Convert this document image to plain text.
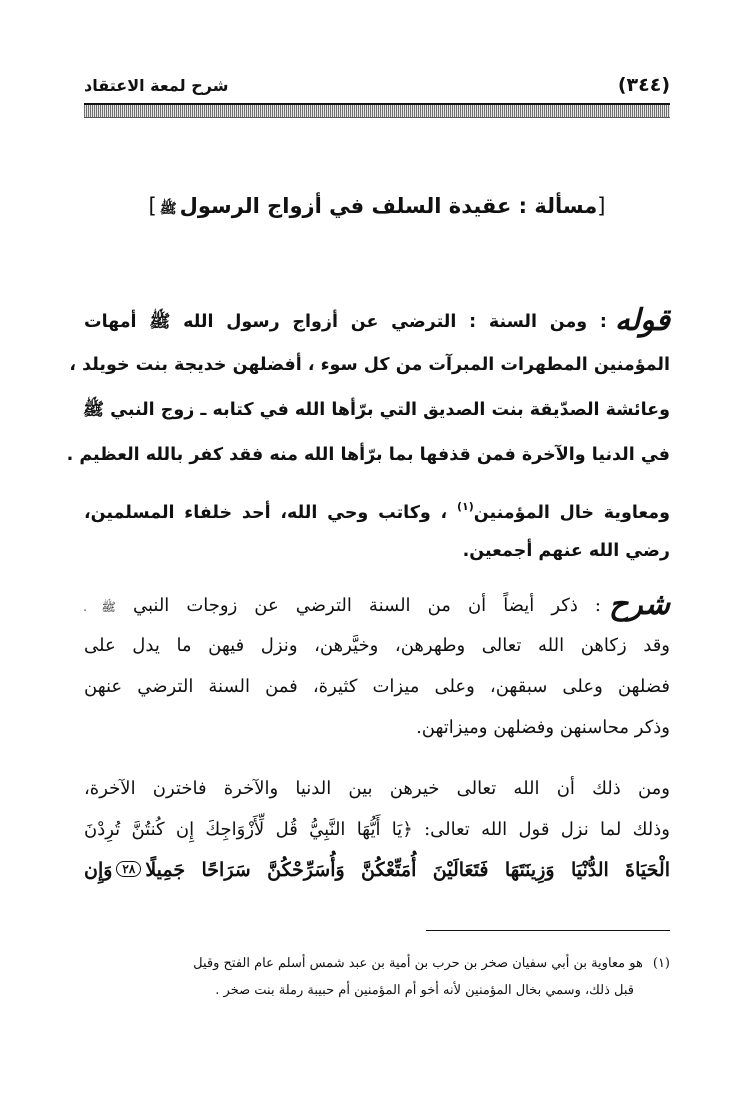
(٣٤٤)
شرح لمعة الاعتقاد
[مسألة : عقيدة السلف في أزواج الرسولﷺ]
قوله: ومن السنة : الترضي عن أزواج رسول الله ﷺ أمهات
المؤمنين المطهرات المبرآت من كل سوء ، أفضلهن خديجة بنت خويلد ،
وعائشة الصدّيقة بنت الصديق التي برّأها الله في كتابه ـ زوج النبي ﷺ
في الدنيا والآخرة فمن قذفها بما برّأها الله منه فقد كفر بالله العظيم .
ومعاوية خال المؤمنين$^{(١)}$ ، وكاتب وحي الله، أحد خلفاء المسلمين،
رضي الله عنهم أجمعين.
شرح: ذكر أيضاً أن من السنة الترضي عن زوجات النبي ﷺ ،
وقد زكاهن الله تعالى وطهرهن، وخيَّرهن، ونزل فيهن ما يدل على
فضلهن وعلى سبقهن، وعلى ميزات كثيرة، فمن السنة الترضي عنهن
وذكر محاسنهن وفضلهن وميزاتهن.
ومن ذلك أن الله تعالى خيرهن بين الدنيا والآخرة فاخترن الآخرة،
وذلك لما نزل قول الله تعالى: ﴿يَا أَيُّهَا النَّبِيُّ قُل لِّأَزْوَاجِكَ إِن كُنتُنَّ تُرِدْنَ
الْحَيَاةَ الدُّنْيَا وَزِينَتَهَا فَتَعَالَيْنَ أُمَتِّعْكُنَّ وَأُسَرِّحْكُنَّ سَرَاحًا جَمِيلًا٢٨وَإِن
(١)هو معاوية بن أبي سفيان صخر بن حرب بن أمية بن عبد شمس أسلم عام الفتح وقيل
قبل ذلك، وسمي بخال المؤمنين لأنه أخو أم المؤمنين أم حبيبة رملة بنت صخر .
